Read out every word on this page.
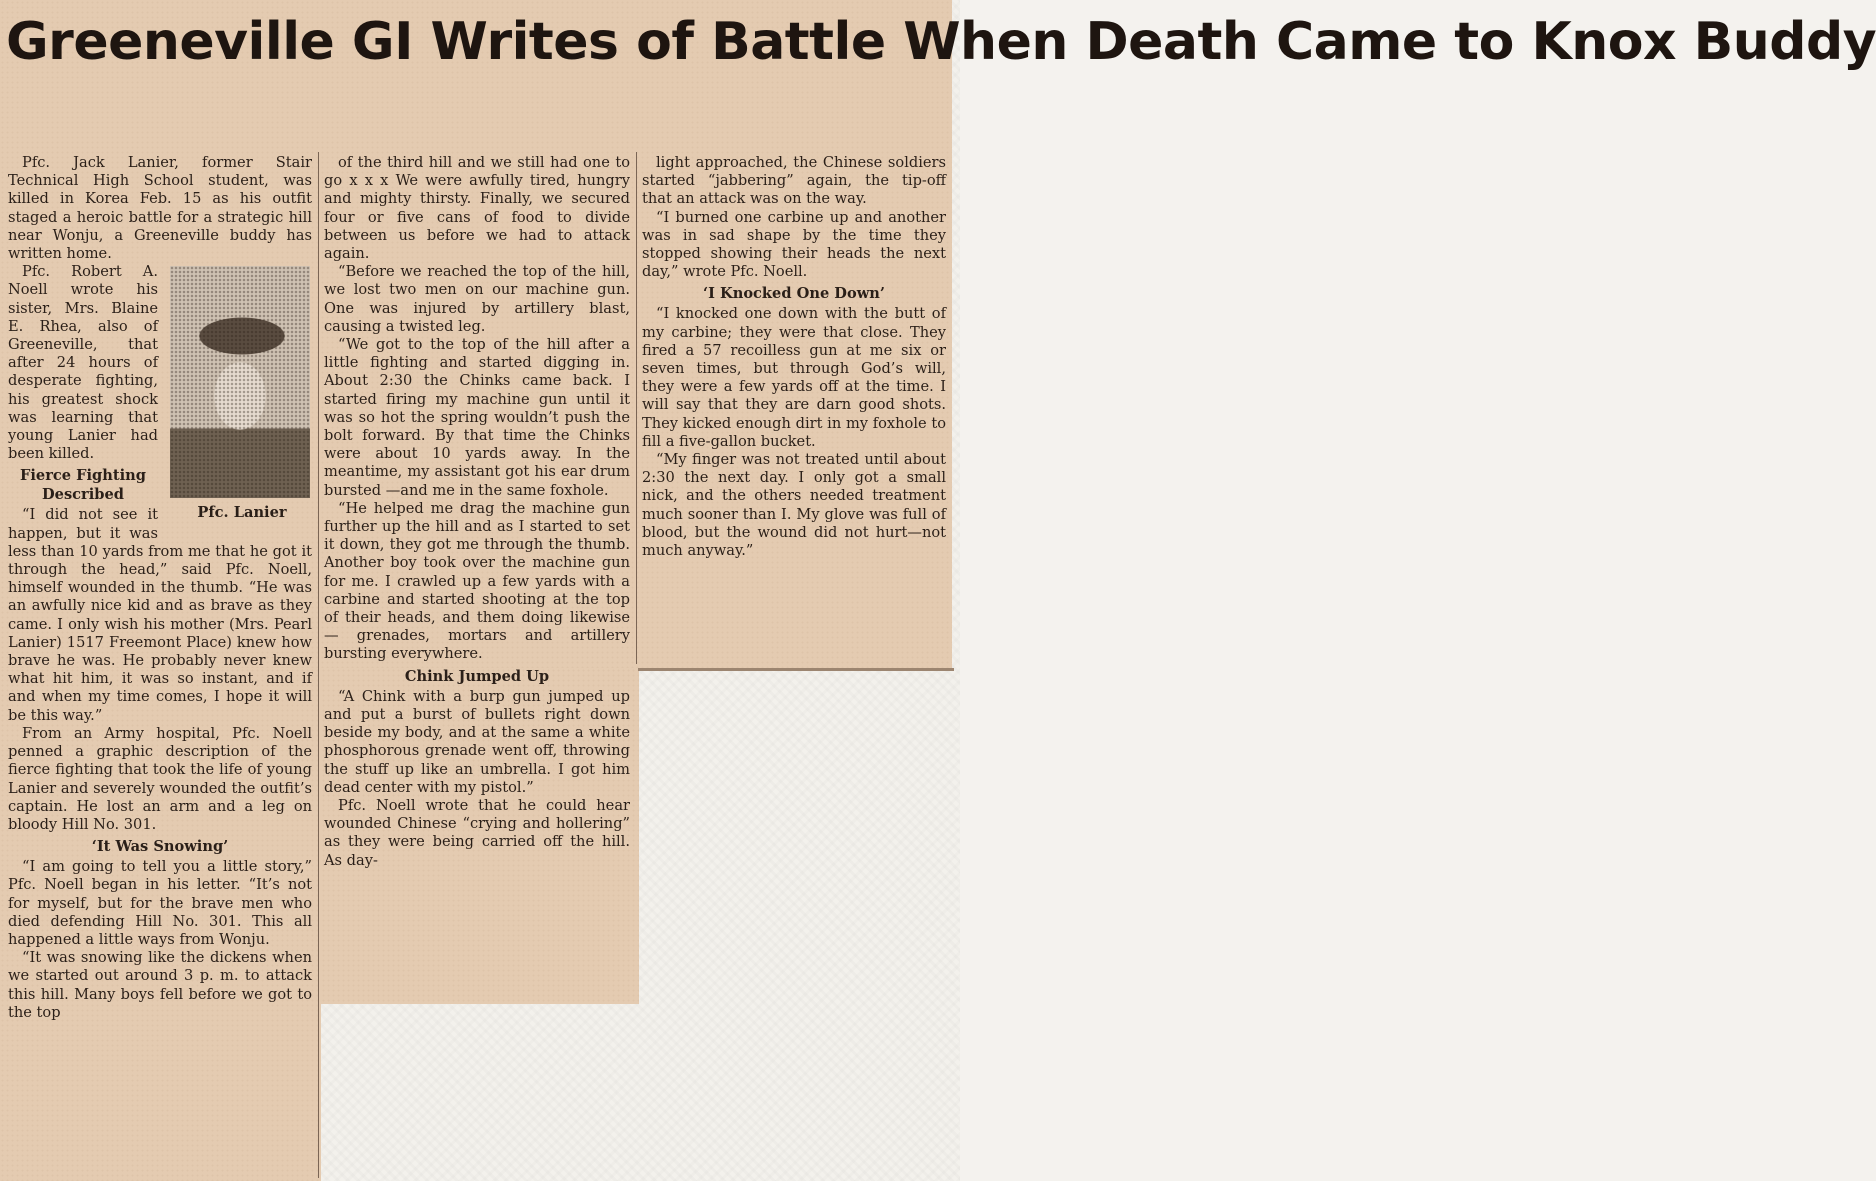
Greeneville GI Writes of Battle When Death Came to Knox Buddy

Pfc. Jack Lanier, former Stair Technical High School student, was killed in Korea Feb. 15 as his outfit staged a heroic battle for a strategic hill near Wonju, a Greeneville buddy has written home.

Pfc. Lanier

Pfc. Robert A. Noell wrote his sister, Mrs. Blaine E. Rhea, also of Greeneville, that after 24 hours of desperate fighting, his greatest shock was learning that young Lanier had been killed.

Fierce Fighting Described

“I did not see it happen, but it was less than 10 yards from me that he got it through the head,” said Pfc. Noell, himself wounded in the thumb. “He was an awfully nice kid and as brave as they came. I only wish his mother (Mrs. Pearl Lanier) 1517 Freemont Place) knew how brave he was. He probably never knew what hit him, it was so instant, and if and when my time comes, I hope it will be this way.”

From an Army hospital, Pfc. Noell penned a graphic description of the fierce fighting that took the life of young Lanier and severely wounded the outfit’s captain. He lost an arm and a leg on bloody Hill No. 301.

‘It Was Snowing’

“I am going to tell you a little story,” Pfc. Noell began in his letter. “It’s not for myself, but for the brave men who died defending Hill No. 301. This all happened a little ways from Wonju.

“It was snowing like the dickens when we started out around 3 p. m. to attack this hill. Many boys fell before we got to the top

of the third hill and we still had one to go x x x We were awfully tired, hungry and mighty thirsty. Finally, we secured four or five cans of food to divide between us before we had to attack again.

“Before we reached the top of the hill, we lost two men on our machine gun. One was injured by artillery blast, causing a twisted leg.

“We got to the top of the hill after a little fighting and started digging in. About 2:30 the Chinks came back. I started firing my machine gun until it was so hot the spring wouldn’t push the bolt forward. By that time the Chinks were about 10 yards away. In the meantime, my assistant got his ear drum bursted —and me in the same foxhole.

“He helped me drag the machine gun further up the hill and as I started to set it down, they got me through the thumb. Another boy took over the machine gun for me. I crawled up a few yards with a carbine and started shooting at the top of their heads, and them doing likewise — grenades, mortars and artillery bursting everywhere.

Chink Jumped Up

“A Chink with a burp gun jumped up and put a burst of bullets right down beside my body, and at the same a white phosphorous grenade went off, throwing the stuff up like an umbrella. I got him dead center with my pistol.”

Pfc. Noell wrote that he could hear wounded Chinese “crying and hollering” as they were being carried off the hill. As day-

light approached, the Chinese soldiers started “jabbering” again, the tip-off that an attack was on the way.

“I burned one carbine up and another was in sad shape by the time they stopped showing their heads the next day,” wrote Pfc. Noell.

‘I Knocked One Down’

“I knocked one down with the butt of my carbine; they were that close. They fired a 57 recoilless gun at me six or seven times, but through God’s will, they were a few yards off at the time. I will say that they are darn good shots. They kicked enough dirt in my foxhole to fill a five-gallon bucket.

“My finger was not treated until about 2:30 the next day. I only got a small nick, and the others needed treatment much sooner than I. My glove was full of blood, but the wound did not hurt—not much anyway.”
